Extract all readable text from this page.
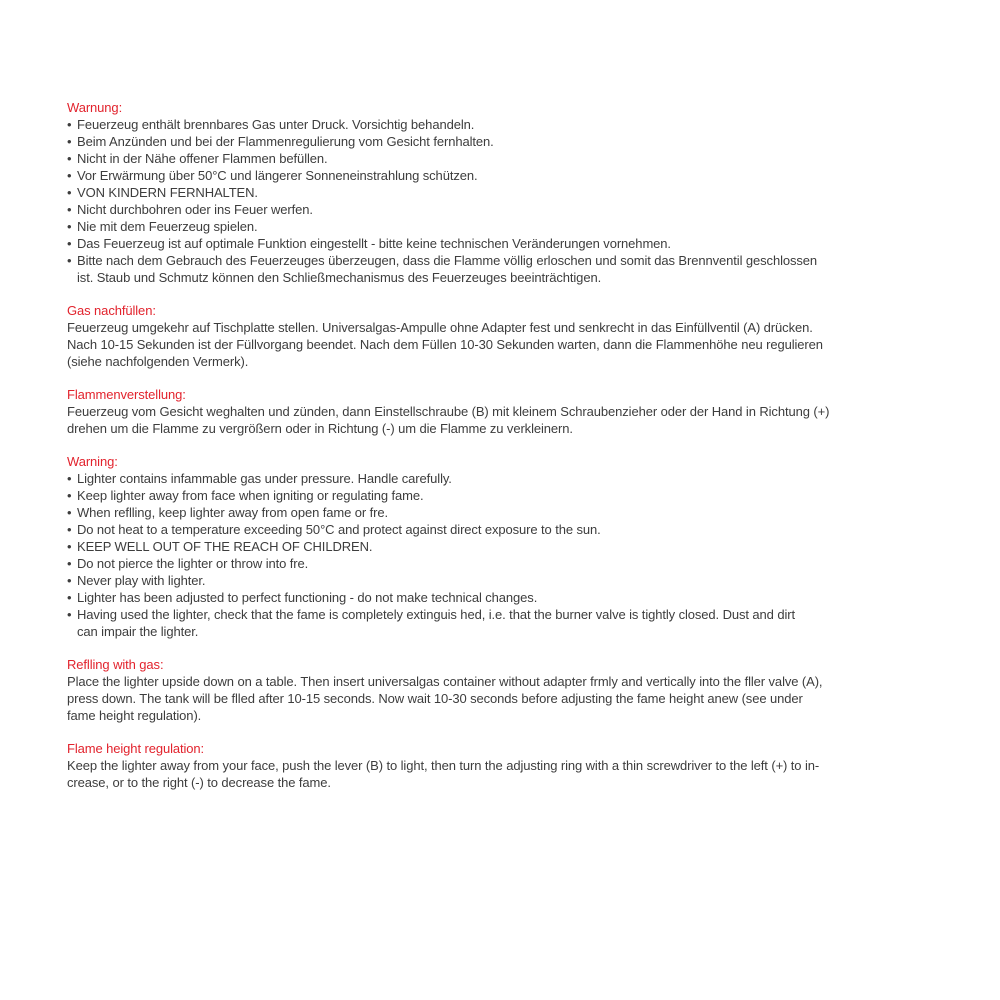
Warnung:
• Feuerzeug enthält brennbares Gas unter Druck. Vorsichtig behandeln.
• Beim Anzünden und bei der Flammenregulierung vom Gesicht fernhalten.
• Nicht in der Nähe offener Flammen befüllen.
• Vor Erwärmung über 50°C und längerer Sonneneinstrahlung schützen.
• VON KINDERN FERNHALTEN.
• Nicht durchbohren oder ins Feuer werfen.
• Nie mit dem Feuerzeug spielen.
• Das Feuerzeug ist auf optimale Funktion eingestellt - bitte keine technischen Veränderungen vornehmen.
• Bitte nach dem Gebrauch des Feuerzeuges überzeugen, dass die Flamme völlig erloschen und somit das Brennventil geschlossen
ist. Staub und Schmutz können den Schließmechanismus des Feuerzeuges beeinträchtigen.
Gas nachfüllen:

Feuerzeug umgekehr auf Tischplatte stellen. Universalgas-Ampulle ohne Adapter fest und senkrecht in das Einfüllventil (A) drücken.

Nach 10-15 Sekunden ist der Füllvorgang beendet. Nach dem Füllen 10-30 Sekunden warten, dann die Flammenhöhe neu regulieren

(siehe nachfolgenden Vermerk).

Flammenverstellung:

Feuerzeug vom Gesicht weghalten und zünden, dann Einstellschraube (B) mit kleinem Schraubenzieher oder der Hand in Richtung (+)

drehen um die Flamme zu vergrößern oder in Richtung (-) um die Flamme zu verkleinern.

Warning:
• Lighter contains infammable gas under pressure. Handle carefully.
• Keep lighter away from face when igniting or regulating fame.
• When reflling, keep lighter away from open fame or fre.
• Do not heat to a temperature exceeding 50°C and protect against direct exposure to the sun.
• KEEP WELL OUT OF THE REACH OF CHILDREN.
• Do not pierce the lighter or throw into fre.
• Never play with lighter.
• Lighter has been adjusted to perfect functioning - do not make technical changes.
• Having used the lighter, check that the fame is completely extinguis hed, i.e. that the burner valve is tightly closed. Dust and dirt
can impair the lighter.
Reflling with gas:

Place the lighter upside down on a table. Then insert universalgas container without adapter frmly and vertically into the fller valve (A),

press down. The tank will be flled after 10-15 seconds. Now wait 10-30 seconds before adjusting the fame height anew (see under

fame height regulation).

Flame height regulation:

Keep the lighter away from your face, push the lever (B) to light, then turn the adjusting ring with a thin screwdriver to the left (+) to in-

crease, or to the right (-) to decrease the fame.
